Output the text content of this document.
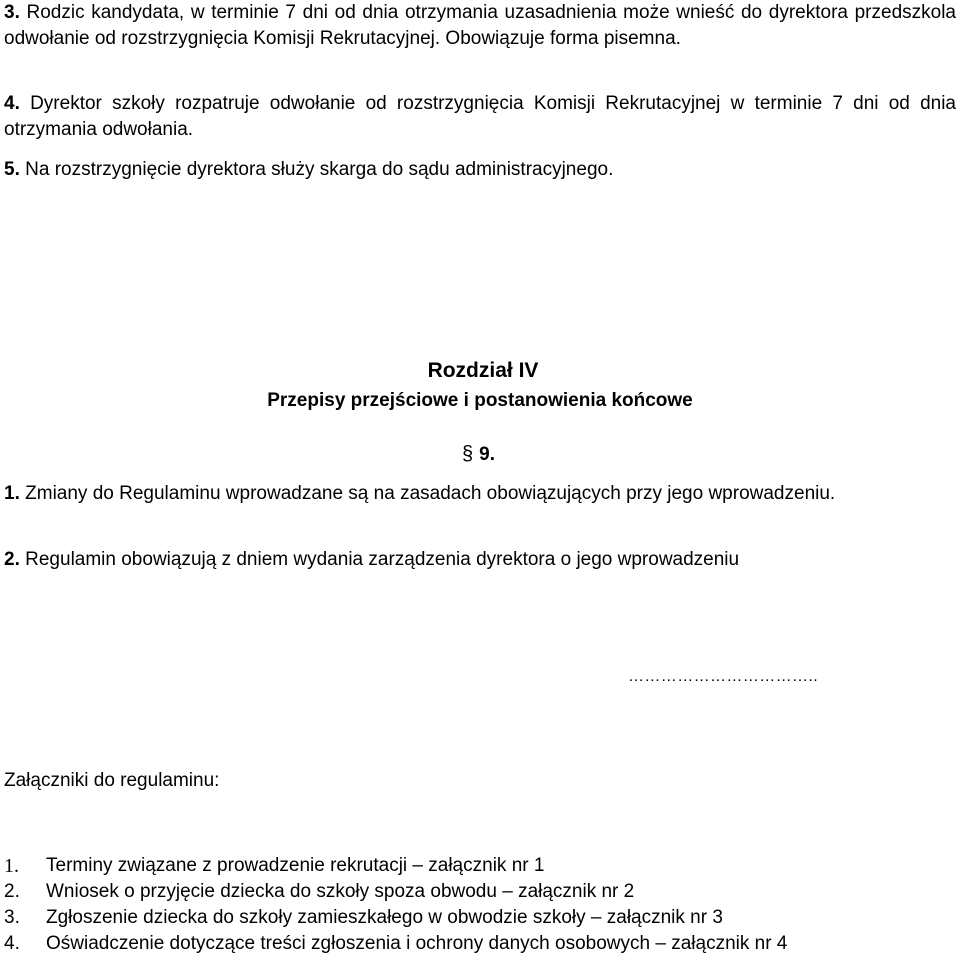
3. Rodzic kandydata, w terminie 7 dni od dnia otrzymania uzasadnienia może wnieść do dyrektora przedszkola odwołanie od rozstrzygnięcia Komisji Rekrutacyjnej. Obowiązuje forma pisemna.

4. Dyrektor szkoły rozpatruje odwołanie od rozstrzygnięcia Komisji Rekrutacyjnej w terminie 7 dni od dnia otrzymania odwołania.

5. Na rozstrzygnięcie dyrektora służy skarga do sądu administracyjnego.

Rozdział IV

Przepisy przejściowe i postanowienia końcowe

§ 9.

1. Zmiany do Regulaminu wprowadzane są na zasadach obowiązujących przy jego wprowadzeniu.

2. Regulamin obowiązują z dniem wydania zarządzenia dyrektora o jego wprowadzeniu

……………………………..

Załączniki do regulaminu:

1.	Terminy związane z prowadzenie rekrutacji – załącznik nr 1
2.	Wniosek o przyjęcie dziecka do szkoły spoza obwodu – załącznik nr 2
3.	Zgłoszenie dziecka do szkoły zamieszkałego w obwodzie szkoły – załącznik nr 3
4.	Oświadczenie dotyczące treści zgłoszenia i ochrony danych osobowych – załącznik nr 4
